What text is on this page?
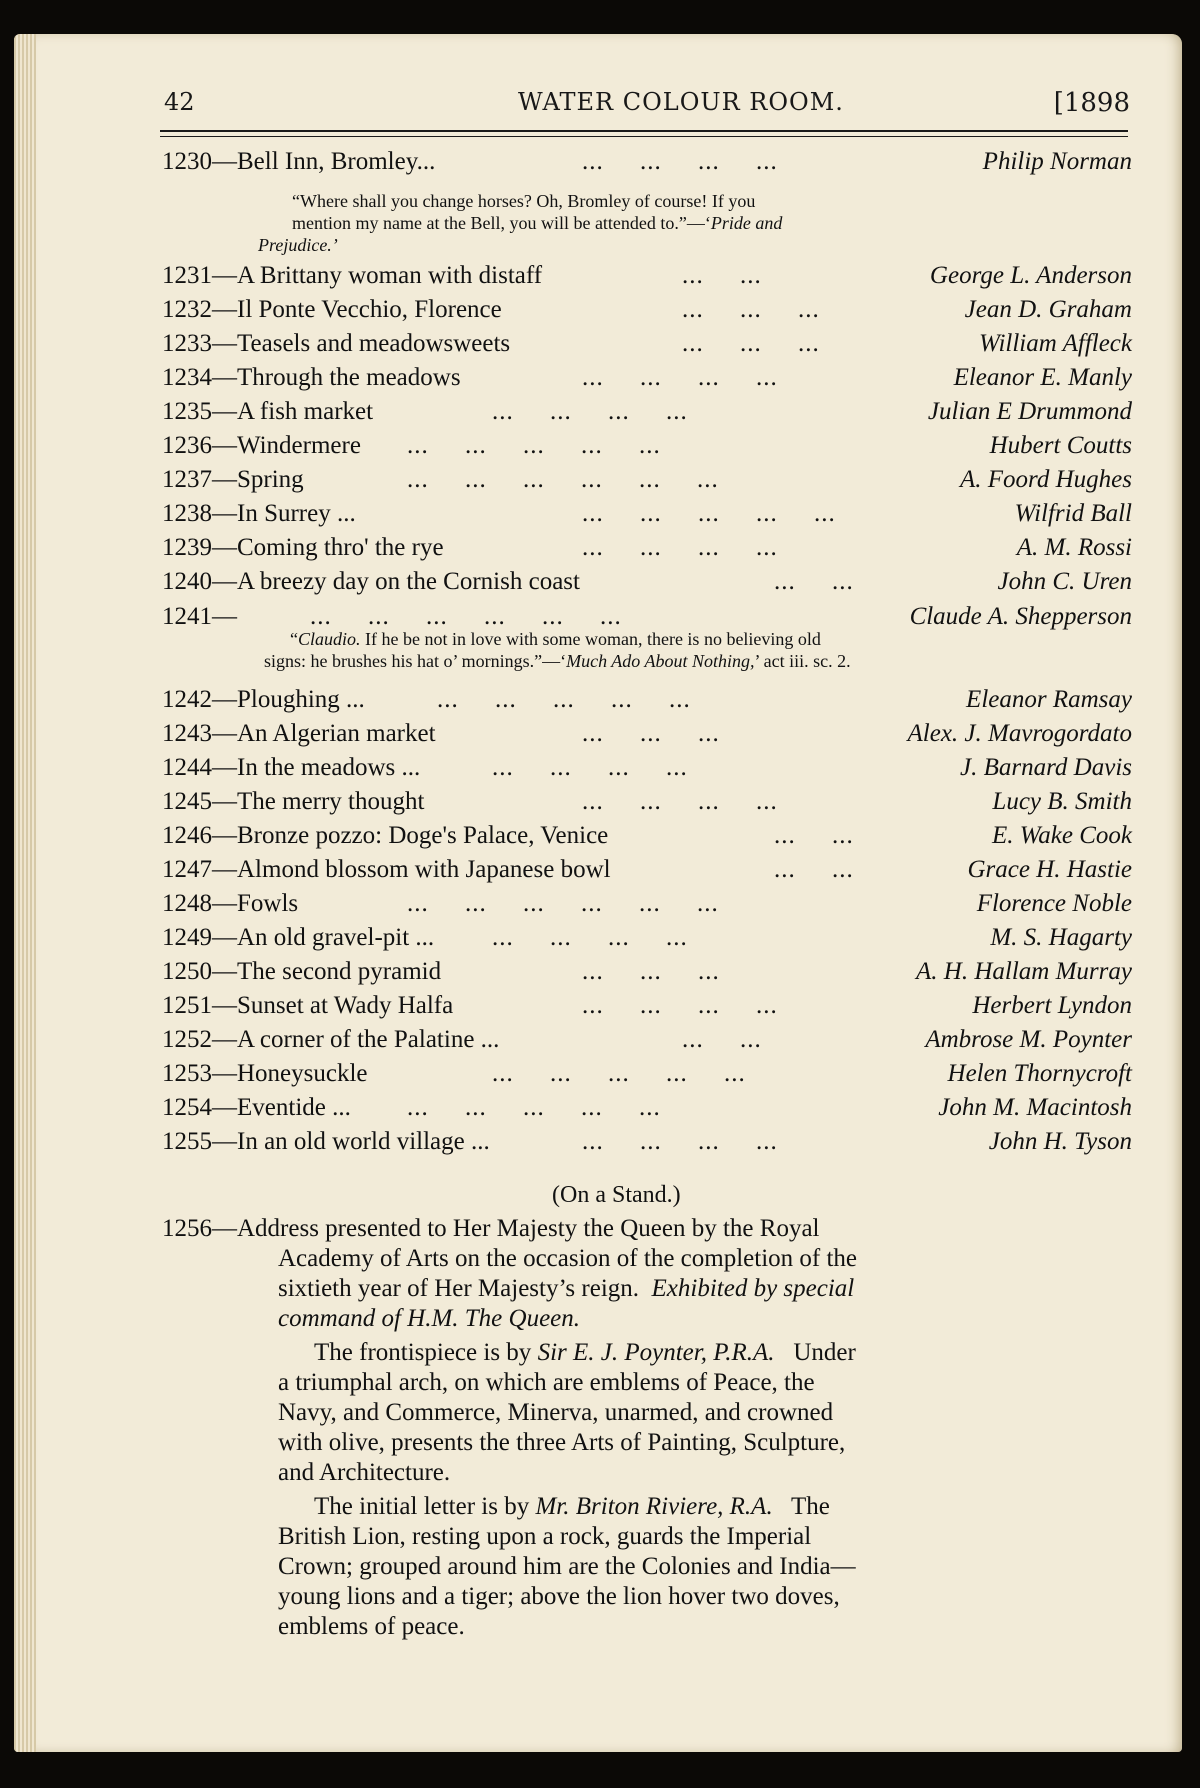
42	WATER COLOUR ROOM.	[1898
1230—Bell Inn, Bromley...	...     ...     ...     ...	Philip Norman
1231—A Brittany woman with distaff	...     ...	George L. Anderson
1232—Il Ponte Vecchio, Florence	...     ...     ...	Jean D. Graham
1233—Teasels and meadowsweets	...     ...     ...	William Affleck
1234—Through the meadows	...     ...     ...     ...	Eleanor E. Manly
1235—A fish market	...     ...     ...     ...	Julian E Drummond
1236—Windermere ...     ...     ...     ...     ...	Hubert Coutts
1237—Spring	...     ...     ...     ...     ...     ...	A. Foord Hughes
1238—In Surrey ...	...     ...     ...     ...     ...	Wilfrid Ball
1239—Coming thro' the rye	...     ...     ...     ...	A. M. Rossi
1240—A breezy day on the Cornish coast	...     ...	John C. Uren
1241—	...     ...     ...     ...     ...     ...	Claude A. Shepperson
1242—Ploughing ...	...     ...     ...     ...     ...	Eleanor Ramsay
1243—An Algerian market	...     ...     ...	Alex. J. Mavrogordato
1244—In the meadows ...	...     ...     ...     ...	J. Barnard Davis
1245—The merry thought	...     ...     ...     ...	Lucy B. Smith
1246—Bronze pozzo: Doge's Palace, Venice	...     ...	E. Wake Cook
1247—Almond blossom with Japanese bowl	...     ...	Grace H. Hastie
1248—Fowls	...     ...     ...     ...     ...     ...	Florence Noble
1249—An old gravel-pit ... ...     ...     ...     ...	M. S. Hagarty
1250—The second pyramid	...     ...     ...	A. H. Hallam Murray
1251—Sunset at Wady Halfa	...     ...     ...     ...	Herbert Lyndon
1252—A corner of the Palatine ...	...     ...	Ambrose M. Poynter
1253—Honeysuckle	...     ...     ...     ...     ...	Helen Thornycroft
1254—Eventide ... ...     ...     ...     ...     ...	John M. Macintosh
1255—In an old world village ...	...     ...     ...     ...	John H. Tyson
“Where shall you change horses? Oh, Bromley of course! If you
mention my name at the Bell, you will be attended to.”—‘Pride and
Prejudice.’
“Claudio. If he be not in love with some woman, there is no believing old
signs: he brushes his hat o’ mornings.”—‘Much Ado About Nothing,’ act iii. sc. 2.
(On a Stand.)
1256—Address presented to Her Majesty the Queen by the Royal
Academy of Arts on the occasion of the completion of the
sixtieth year of Her Majesty’s reign. Exhibited by special
command of H.M. The Queen.
The frontispiece is by Sir E. J. Poynter, P.R.A. Under
a triumphal arch, on which are emblems of Peace, the
Navy, and Commerce, Minerva, unarmed, and crowned
with olive, presents the three Arts of Painting, Sculpture,
and Architecture.
The initial letter is by Mr. Briton Riviere, R.A. The
British Lion, resting upon a rock, guards the Imperial
Crown; grouped around him are the Colonies and India—
young lions and a tiger; above the lion hover two doves,
emblems of peace.
